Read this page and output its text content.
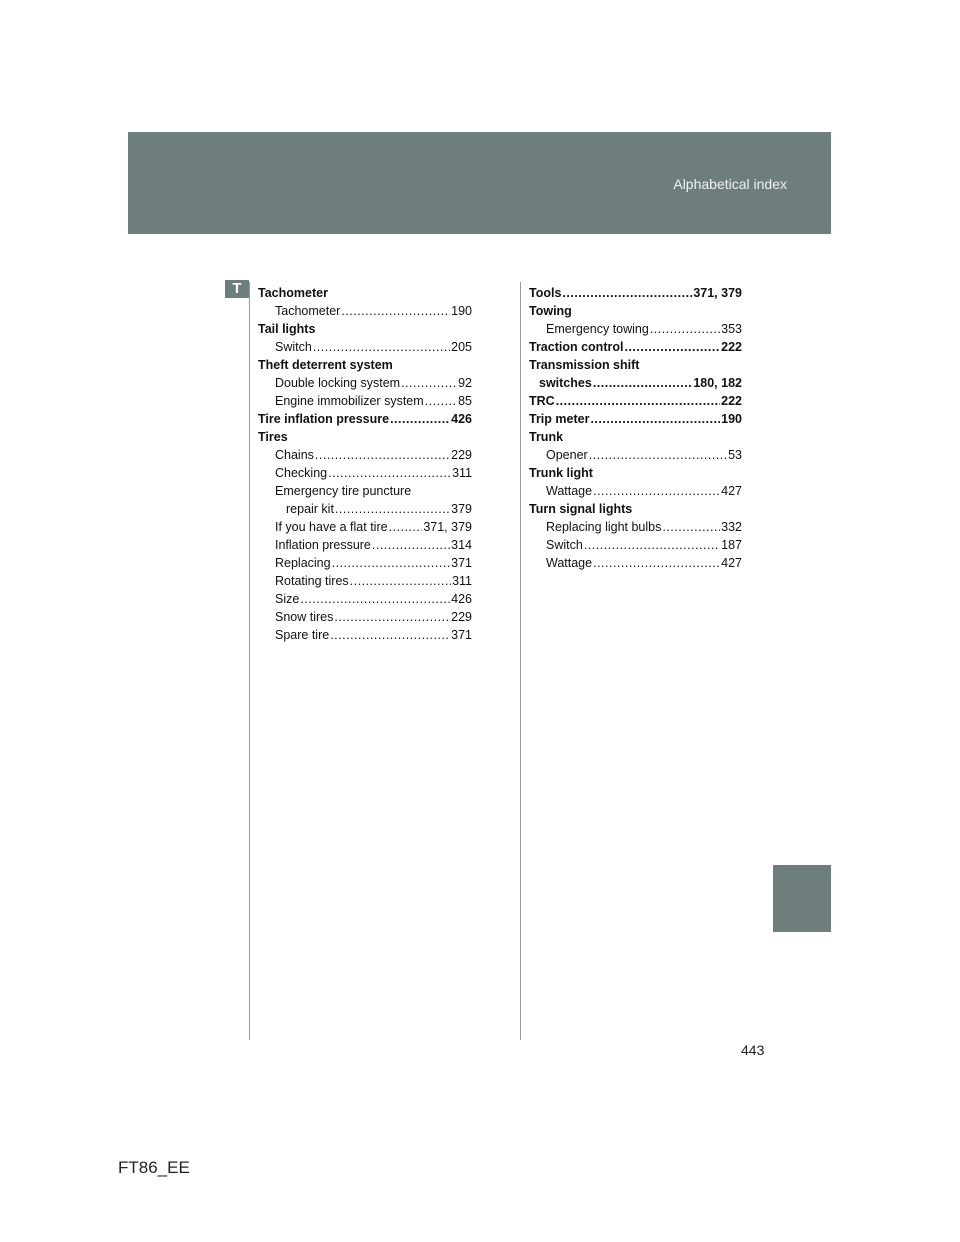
Alphabetical index
T	Tachometer
Tachometer .....	190
Tail lights
Switch .....	205
Theft deterrent system
Double locking system .....	92
Engine immobilizer system .....	85
Tire inflation pressure .....	426
Tires
Chains .....	229
Checking .....	311
Emergency tire puncture
repair kit .....	379
If you have a flat tire .....	371, 379
Inflation pressure .....	314
Replacing .....	371
Rotating tires .....	311
Size .....	426
Snow tires .....	229
Spare tire .....	371
Tools .....	371, 379
Towing
Emergency towing .....	353
Traction control .....	222
Transmission shift
switches .....	180, 182
TRC .....	222
Trip meter .....	190
Trunk
Opener .....	53
Trunk light
Wattage .....	427
Turn signal lights
Replacing light bulbs .....	332
Switch .....	187
Wattage .....	427
443
FT86_EE
